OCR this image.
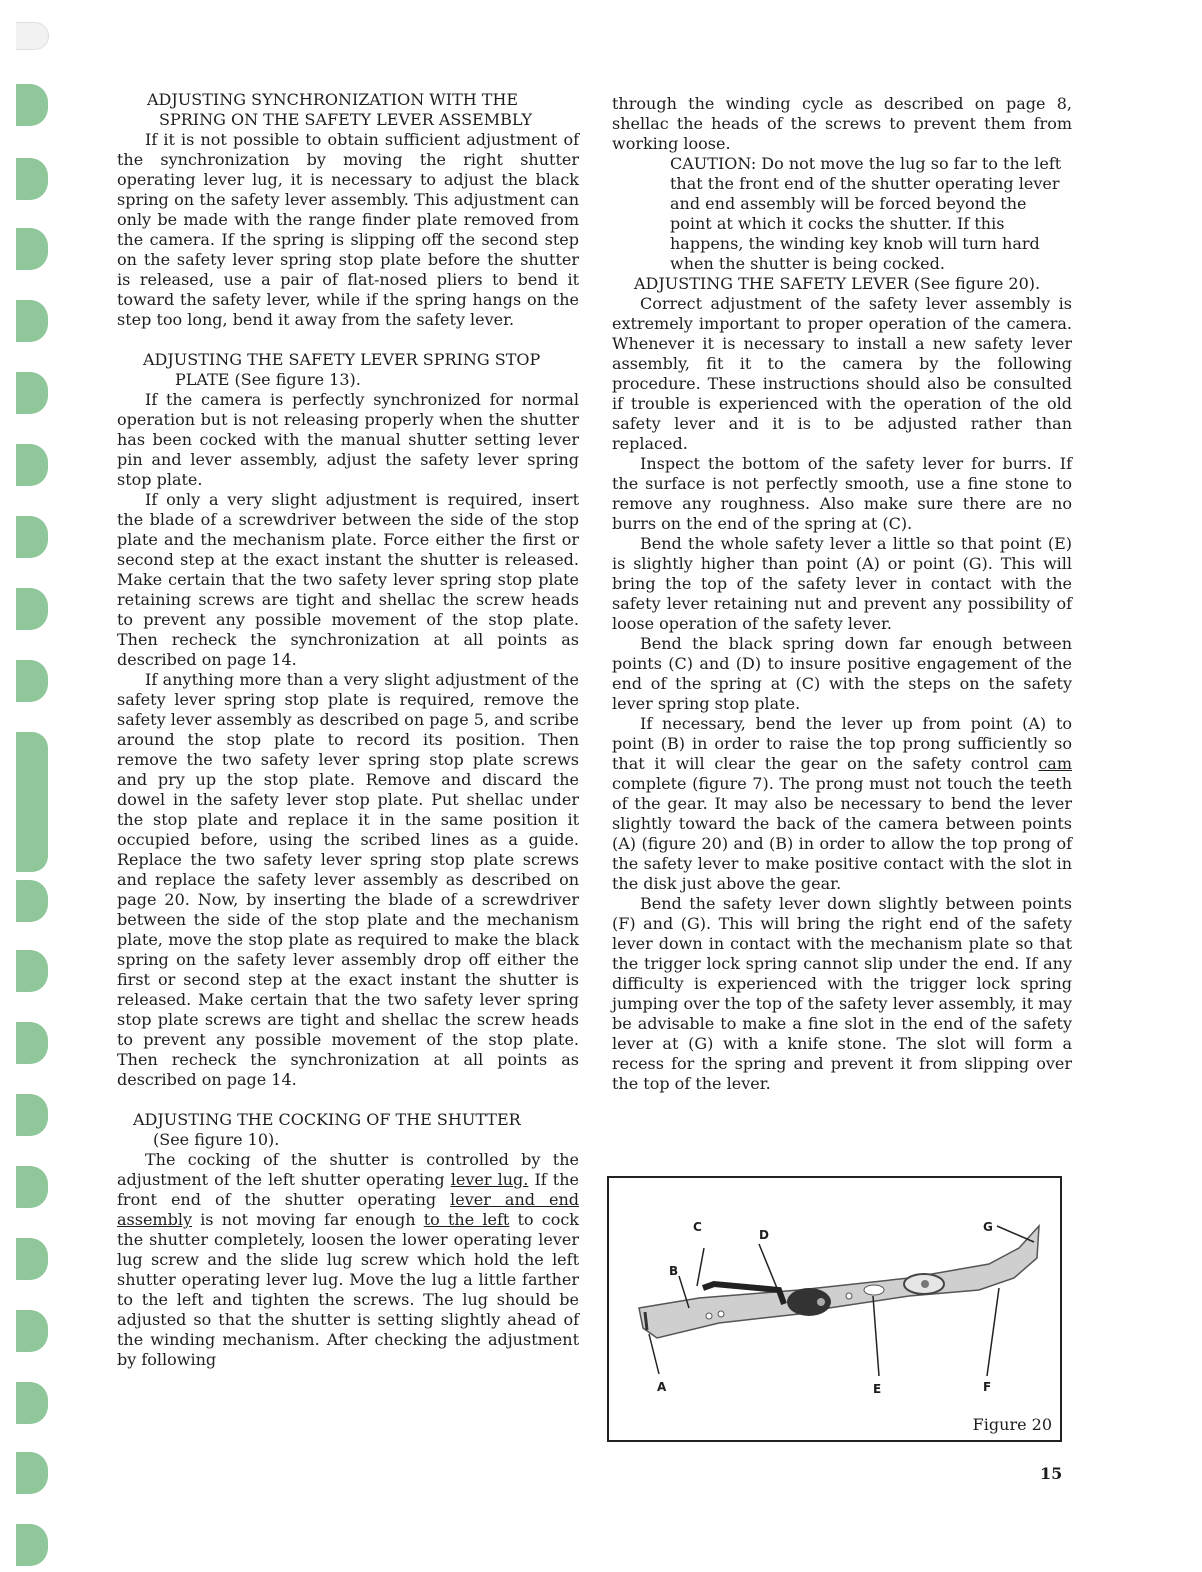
ADJUSTING SYNCHRONIZATION WITH THE
SPRING ON THE SAFETY LEVER ASSEMBLY

If it is not possible to obtain sufficient adjustment of the synchronization by moving the right shutter operating lever lug, it is necessary to adjust the black spring on the safety lever assembly. This adjustment can only be made with the range finder plate removed from the camera. If the spring is slipping off the second step on the safety lever spring stop plate before the shutter is released, use a pair of flat-nosed pliers to bend it toward the safety lever, while if the spring hangs on the step too long, bend it away from the safety lever.

ADJUSTING THE SAFETY LEVER SPRING STOP
PLATE (See figure 13).

If the camera is perfectly synchronized for normal operation but is not releasing properly when the shutter has been cocked with the manual shutter setting lever pin and lever assembly, adjust the safety lever spring stop plate.

If only a very slight adjustment is required, insert the blade of a screwdriver between the side of the stop plate and the mechanism plate. Force either the first or second step at the exact instant the shutter is released. Make certain that the two safety lever spring stop plate retaining screws are tight and shellac the screw heads to prevent any possible movement of the stop plate. Then recheck the synchronization at all points as described on page 14.

If anything more than a very slight adjustment of the safety lever spring stop plate is required, remove the safety lever assembly as described on page 5, and scribe around the stop plate to record its position. Then remove the two safety lever spring stop plate screws and pry up the stop plate. Remove and discard the dowel in the safety lever stop plate. Put shellac under the stop plate and replace it in the same position it occupied before, using the scribed lines as a guide. Replace the two safety lever spring stop plate screws and replace the safety lever assembly as described on page 20. Now, by inserting the blade of a screwdriver between the side of the stop plate and the mechanism plate, move the stop plate as required to make the black spring on the safety lever assembly drop off either the first or second step at the exact instant the shutter is released. Make certain that the two safety lever spring stop plate screws are tight and shellac the screw heads to prevent any possible movement of the stop plate. Then recheck the synchronization at all points as described on page 14.

ADJUSTING THE COCKING OF THE SHUTTER
(See figure 10).

The cocking of the shutter is controlled by the adjustment of the left shutter operating lever lug. If the front end of the shutter operating lever and end assembly is not moving far enough to the left to cock the shutter completely, loosen the lower operating lever lug screw and the slide lug screw which hold the left shutter operating lever lug. Move the lug a little farther to the left and tighten the screws. The lug should be adjusted so that the shutter is setting slightly ahead of the winding mechanism. After checking the adjustment by following

through the winding cycle as described on page 8, shellac the heads of the screws to prevent them from working loose.

CAUTION: Do not move the lug so far to the left that the front end of the shutter operating lever and end assembly will be forced beyond the point at which it cocks the shutter. If this happens, the winding key knob will turn hard when the shutter is being cocked.

ADJUSTING THE SAFETY LEVER (See figure 20).

Correct adjustment of the safety lever assembly is extremely important to proper operation of the camera. Whenever it is necessary to install a new safety lever assembly, fit it to the camera by the following procedure. These instructions should also be consulted if trouble is experienced with the operation of the old safety lever and it is to be adjusted rather than replaced.

Inspect the bottom of the safety lever for burrs. If the surface is not perfectly smooth, use a fine stone to remove any roughness. Also make sure there are no burrs on the end of the spring at (C).

Bend the whole safety lever a little so that point (E) is slightly higher than point (A) or point (G). This will bring the top of the safety lever in contact with the safety lever retaining nut and prevent any possibility of loose operation of the safety lever.

Bend the black spring down far enough between points (C) and (D) to insure positive engagement of the end of the spring at (C) with the steps on the safety lever spring stop plate.

If necessary, bend the lever up from point (A) to point (B) in order to raise the top prong sufficiently so that it will clear the gear on the safety control cam complete (figure 7). The prong must not touch the teeth of the gear. It may also be necessary to bend the lever slightly toward the back of the camera between points (A) (figure 20) and (B) in order to allow the top prong of the safety lever to make positive contact with the slot in the disk just above the gear.

Bend the safety lever down slightly between points (F) and (G). This will bring the right end of the safety lever down in contact with the mechanism plate so that the trigger lock spring cannot slip under the end. If any difficulty is experienced with the trigger lock spring jumping over the top of the safety lever assembly, it may be advisable to make a fine slot in the end of the safety lever at (G) with a knife stone. The slot will form a recess for the spring and prevent it from slipping over the top of the lever.

C
D
B
A	E	F
G
Figure 20
15
